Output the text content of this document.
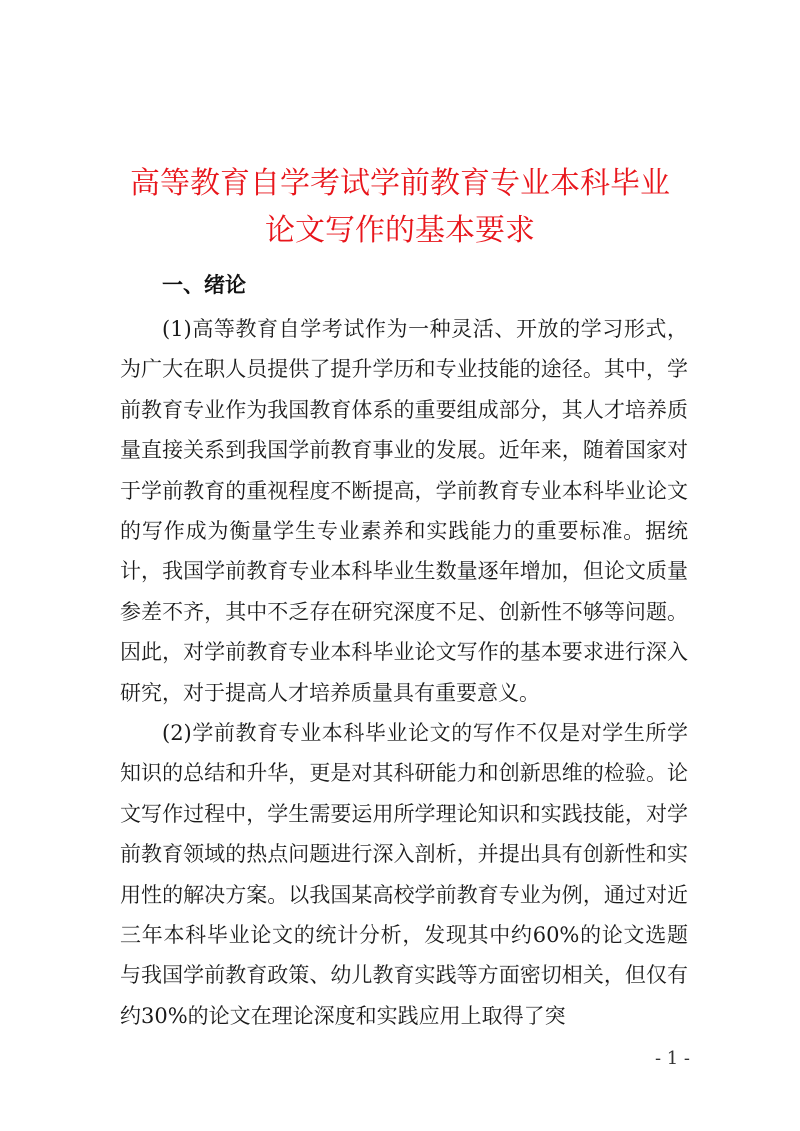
高等教育自学考试学前教育专业本科毕业
论文写作的基本要求
一、绪论

(1)高等教育自学考试作为一种灵活、开放的学习形式，为广大在职人员提供了提升学历和专业技能的途径。其中，学前教育专业作为我国教育体系的重要组成部分，其人才培养质量直接关系到我国学前教育事业的发展。近年来，随着国家对于学前教育的重视程度不断提高，学前教育专业本科毕业论文的写作成为衡量学生专业素养和实践能力的重要标准。据统计，我国学前教育专业本科毕业生数量逐年增加，但论文质量参差不齐，其中不乏存在研究深度不足、创新性不够等问题。因此，对学前教育专业本科毕业论文写作的基本要求进行深入研究，对于提高人才培养质量具有重要意义。

(2)学前教育专业本科毕业论文的写作不仅是对学生所学知识的总结和升华，更是对其科研能力和创新思维的检验。论文写作过程中，学生需要运用所学理论知识和实践技能，对学前教育领域的热点问题进行深入剖析，并提出具有创新性和实用性的解决方案。以我国某高校学前教育专业为例，通过对近三年本科毕业论文的统计分析，发现其中约60%的论文选题与我国学前教育政策、幼儿教育实践等方面密切相关，但仅有约30%的论文在理论深度和实践应用上取得了突

- 1 -
